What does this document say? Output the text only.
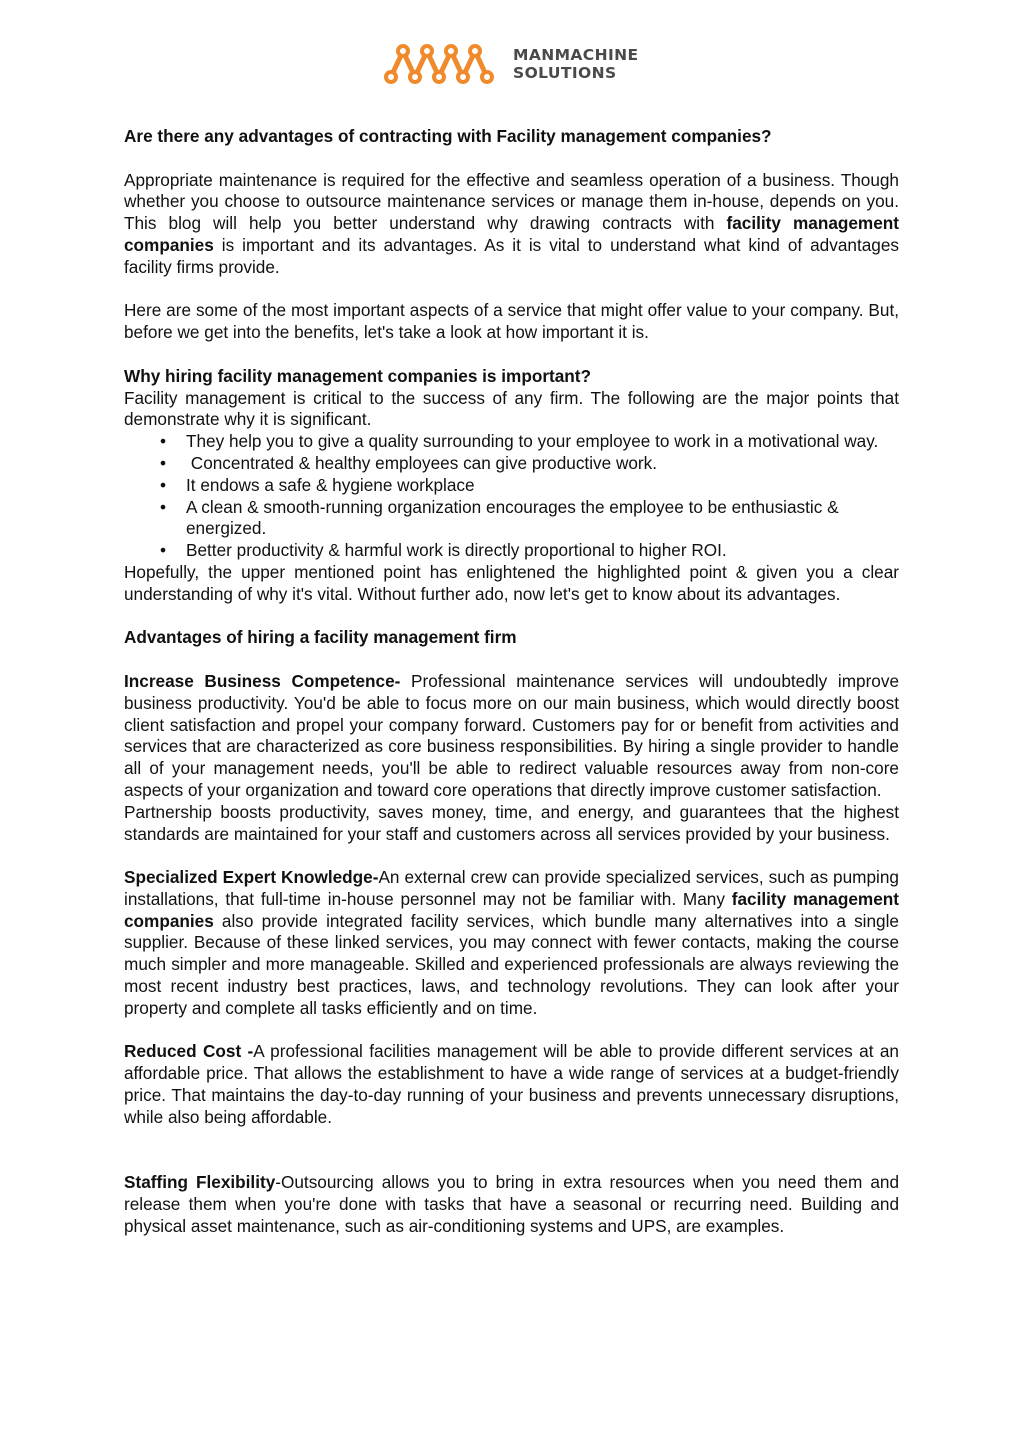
MANMACHINE
SOLUTIONS
Are there any advantages of contracting with Facility management companies?

Appropriate maintenance is required for the effective and seamless operation of a business. Though whether you choose to outsource maintenance services or manage them in-house, depends on you. This blog will help you better understand why drawing contracts with facility management companies is important and its advantages. As it is vital to understand what kind of advantages facility firms provide.

Here are some of the most important aspects of a service that might offer value to your company. But, before we get into the benefits, let's take a look at how important it is.

Why hiring facility management companies is important?

Facility management is critical to the success of any firm. The following are the major points that demonstrate why it is significant.

• They help you to give a quality surrounding to your employee to work in a motivational way.
•  Concentrated & healthy employees can give productive work.
• It endows a safe & hygiene workplace
• A clean & smooth-running organization encourages the employee to be enthusiastic & energized.
• Better productivity & harmful work is directly proportional to higher ROI.

Hopefully, the upper mentioned point has enlightened the highlighted point & given you a clear understanding of why it's vital. Without further ado, now let's get to know about its advantages.

Advantages of hiring a facility management firm

Increase Business Competence- Professional maintenance services will undoubtedly improve business productivity. You'd be able to focus more on our main business, which would directly boost client satisfaction and propel your company forward. Customers pay for or benefit from activities and services that are characterized as core business responsibilities. By hiring a single provider to handle all of your management needs, you'll be able to redirect valuable resources away from non-core aspects of your organization and toward core operations that directly improve customer satisfaction.

Partnership boosts productivity, saves money, time, and energy, and guarantees that the highest standards are maintained for your staff and customers across all services provided by your business.

Specialized Expert Knowledge-An external crew can provide specialized services, such as pumping installations, that full-time in-house personnel may not be familiar with. Many facility management companies also provide integrated facility services, which bundle many alternatives into a single supplier. Because of these linked services, you may connect with fewer contacts, making the course much simpler and more manageable. Skilled and experienced professionals are always reviewing the most recent industry best practices, laws, and technology revolutions. They can look after your property and complete all tasks efficiently and on time.

Reduced Cost -A professional facilities management will be able to provide different services at an affordable price. That allows the establishment to have a wide range of services at a budget-friendly price. That maintains the day-to-day running of your business and prevents unnecessary disruptions, while also being affordable.

Staffing Flexibility-Outsourcing allows you to bring in extra resources when you need them and release them when you're done with tasks that have a seasonal or recurring need. Building and physical asset maintenance, such as air-conditioning systems and UPS, are examples.
